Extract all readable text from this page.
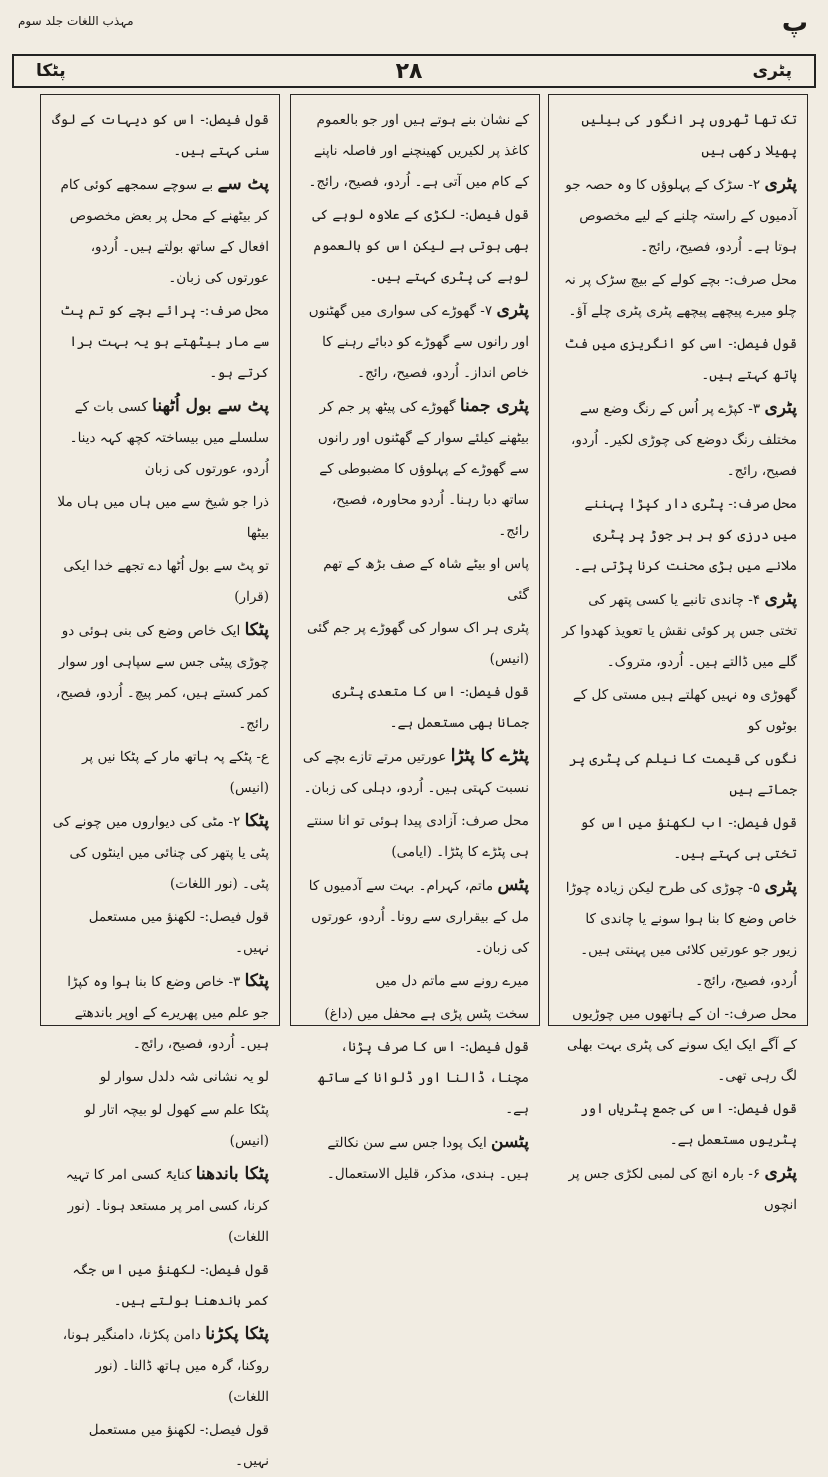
مہذب اللغات جلد سوم	پ
پٹکا	۲۸	پٹری
قول فیصل:- اس کو دیہات کے لوگ سنی کہتے ہیں۔
پٹ سے بے سوچے سمجھے کوئی کام کر بیٹھنے کے محل پر بعض مخصوص افعال کے ساتھ بولتے ہیں۔ اُردو، عورتوں کی زبان۔
محل صرف:- پرائے بچے کو تم پٹ سے مار بیٹھتے ہو یہ بہت برا کرتے ہو۔
پٹ سے بول اُٹھنا کسی بات کے سلسلے میں بیساختہ کچھ کہہ دینا۔ اُردو، عورتوں کی زبان
ذرا جو شیخ سے میں ہاں میں ہاں ملا بیٹھا
تو پٹ سے بول اُٹھا دے تجھے خدا ایکی (قرار)
پٹکا ایک خاص وضع کی بنی ہوئی دو چوڑی پیٹی جس سے سپاہی اور سوار کمر کستے ہیں، کمر پیچ۔ اُردو، فصیح، رائج۔
ع- پٹکے پہ ہاتھ مار کے پٹکا نیں پر (انیس)
پٹکا ۲- مٹی کی دیواروں میں چونے کی پٹی یا پتھر کی چنائی میں اینٹوں کی پٹی۔ (نور اللغات)
قول فیصل:- لکھنؤ میں مستعمل نہیں۔
پٹکا ۳- خاص وضع کا بنا ہوا وہ کپڑا جو علم میں پھریرے کے اوپر باندھتے ہیں۔ اُردو، فصیح، رائج۔
لو یہ نشانی شہ دلدل سوار لو
پٹکا علم سے کھول لو بیچہ اتار لو (انیس)
پٹکا باندھنا کنایۃً کسی امر کا تہیہ کرنا، کسی امر پر مستعد ہونا۔ (نور اللغات)
قول فیصل:- لکھنؤ میں اس جگہ کمر باندھنا بولتے ہیں۔
پٹکا پکڑنا دامن پکڑنا، دامنگیر ہونا، روکنا، گرہ میں ہاتھ ڈالنا۔ (نور اللغات)
قول فیصل:- لکھنؤ میں مستعمل نہیں۔
کے نشان بنے ہوتے ہیں اور جو بالعموم کاغذ پر لکیریں کھینچنے اور فاصلہ ناپنے کے کام میں آتی ہے۔ اُردو، فصیح، رائج۔
قول فیصل:- لکڑی کے علاوہ لوہے کی بھی ہوتی ہے لیکن اس کو بالعموم لوہے کی پٹری کہتے ہیں۔
پٹری ۷- گھوڑے کی سواری میں گھٹنوں اور رانوں سے گھوڑے کو دبائے رہنے کا خاص انداز۔ اُردو، فصیح، رائج۔
پٹری جمنا گھوڑے کی پیٹھ پر جم کر بیٹھنے کیلئے سوار کے گھٹنوں اور رانوں سے گھوڑے کے پہلوؤں کا مضبوطی کے ساتھ دبا رہنا۔ اُردو محاورہ، فصیح، رائج۔
پاس او بیٹے شاہ کے صف بڑھ کے تھم گئی
پٹری ہر اک سوار کی گھوڑے پر جم گئی (انیس)
قول فیصل:- اس کا متعدی پٹری جمانا بھی مستعمل ہے۔
پٹڑے کا پٹڑا عورتیں مرتے تازے بچے کی نسبت کہتی ہیں۔ اُردو، دہلی کی زبان۔
محل صرف: آزادی پیدا ہوئی تو انا سنتے ہی پٹڑے کا پٹڑا۔ (ایامی)
پٹس ماتم، کہرام۔ بہت سے آدمیوں کا مل کے بیقراری سے رونا۔ اُردو، عورتوں کی زبان۔
میرے رونے سے ماتم دل میں
سخت پٹس پڑی ہے محفل میں (داغ)
قول فیصل:- اس کا صرف پڑنا، مچنا، ڈالنا اور ڈلوانا کے ساتھ ہے۔
پٹسن ایک پودا جس سے سن نکالتے ہیں۔ ہندی، مذکر، قلیل الاستعمال۔
تک تھا ٹھروں پر انگور کی بیلیں پھیلا رکھی ہیں
پٹری ۲- سڑک کے پہلوؤں کا وہ حصہ جو آدمیوں کے راستہ چلنے کے لیے مخصوص ہوتا ہے۔ اُردو، فصیح، رائج۔
محل صرف:- بچے کولے کے بیچ سڑک پر نہ چلو میرے پیچھے پیچھے پٹری پٹری چلے آؤ۔
قول فیصل:- اسی کو انگریزی میں فٹ پاتھ کہتے ہیں۔
پٹری ۳- کپڑے پر اُس کے رنگ وضع سے مختلف رنگ دوضع کی چوڑی لکیر۔ اُردو، فصیح، رائج۔
محل صرف:- پٹری دار کپڑا پہننے میں درزی کو ہر ہر جوڑ پر پٹری ملانے میں بڑی محنت کرنا پڑتی ہے۔
پٹری ۴- چاندی تانبے یا کسی پتھر کی تختی جس پر کوئی نقش یا تعویذ کھدوا کر گلے میں ڈالتے ہیں۔ اُردو، متروک۔
گھوڑی وہ نہیں کھلتے ہیں مستی کل کے بوٹوں کو
نگوں کی قیمت کا نیلم کی پٹری پر جماتے ہیں
قول فیصل:- اب لکھنؤ میں اس کو تختی ہی کہتے ہیں۔
پٹری ۵- چوڑی کی طرح لیکن زیادہ چوڑا خاص وضع کا بنا ہوا سونے یا چاندی کا زیور جو عورتیں کلائی میں پہنتی ہیں۔ اُردو، فصیح، رائج۔
محل صرف:- ان کے ہاتھوں میں چوڑیوں کے آگے ایک ایک سونے کی پٹری بہت بھلی لگ رہی تھی۔
قول فیصل:- اس کی جمع پٹریاں اور پٹریوں مستعمل ہے۔
پٹری ۶- بارہ انچ کی لمبی لکڑی جس پر انچوں
